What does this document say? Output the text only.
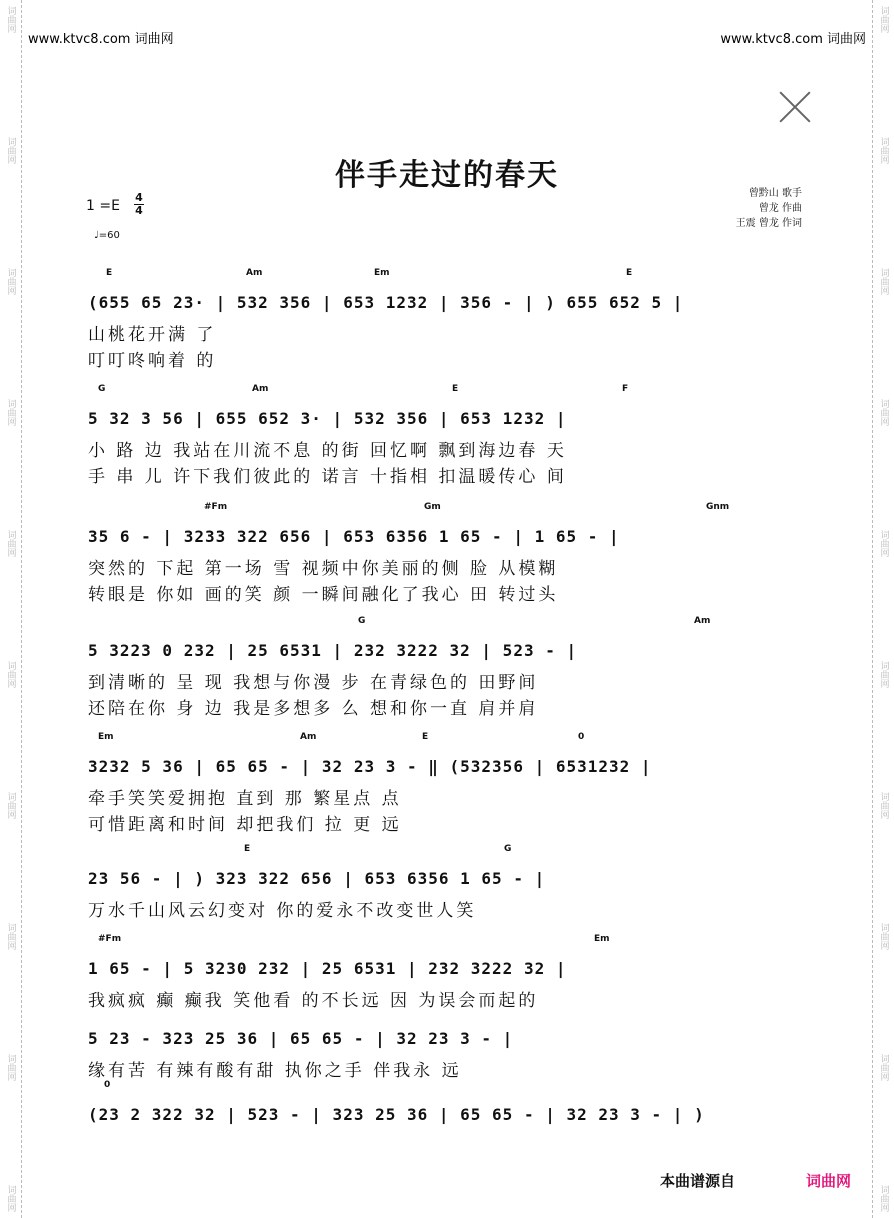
词曲网
词曲网
词曲网
词曲网
词曲网
词曲网
词曲网
词曲网
词曲网
词曲网
词曲网
词曲网
词曲网
词曲网
词曲网
词曲网
词曲网
词曲网
词曲网
词曲网
www.ktvc8.com 词曲网	www.ktvc8.com 词曲网
伴手走过的春天
1 =E
4
4
♩=60
曾黔山 歌手
曾龙 作曲
王震 曾龙 作词
E	Am	Em	E
(655 65 23· | 532 356 | 653 1232 | 356 - | ) 655 652 5 |
山桃花开满 了
叮叮咚响着 的
G	Am	E	F
5 32 3 56 | 655 652 3· | 532 356 | 653 1232 |
小 路 边 我站在川流不息 的街 回忆啊 飘到海边春 天
手 串 儿 许下我们彼此的 诺言 十指相 扣温暖传心 间
#Fm	Gm	Gnm
35 6 - | 3233 322 656 | 653 6356 1 65 - | 1 65 - |
突然的 下起 第一场 雪 视频中你美丽的侧 脸 从模糊
转眼是 你如 画的笑 颜 一瞬间融化了我心 田 转过头
G	Am
5 3223 0 232 | 25 6531 | 232 3222 32 | 523 - |
到清晰的 呈 现 我想与你漫 步 在青绿色的 田野间
还陪在你 身 边 我是多想多 么 想和你一直 肩并肩
Em	Am	E	0
3232 5 36 | 65 65 - | 32 23 3 - ‖ (532356 | 6531232 |
牵手笑笑爱拥抱 直到 那 繁星点 点
可惜距离和时间 却把我们 拉 更 远
E	G
23 56 - | ) 323 322 656 | 653 6356 1 65 - |
万水千山风云幻变对 你的爱永不改变世人笑
#Fm	Em
1 65 - | 5 3230 232 | 25 6531 | 232 3222 32 |
我疯疯 癫 癫我 笑他看 的不长远 因 为误会而起的
5 23 - 323 25 36 | 65 65 - | 32 23 3 - |
缘有苦 有辣有酸有甜 执你之手 伴我永 远
0
(23 2 322 32 | 523 - | 323 25 36 | 65 65 - | 32 23 3 - | )
本曲谱源自	词曲网
